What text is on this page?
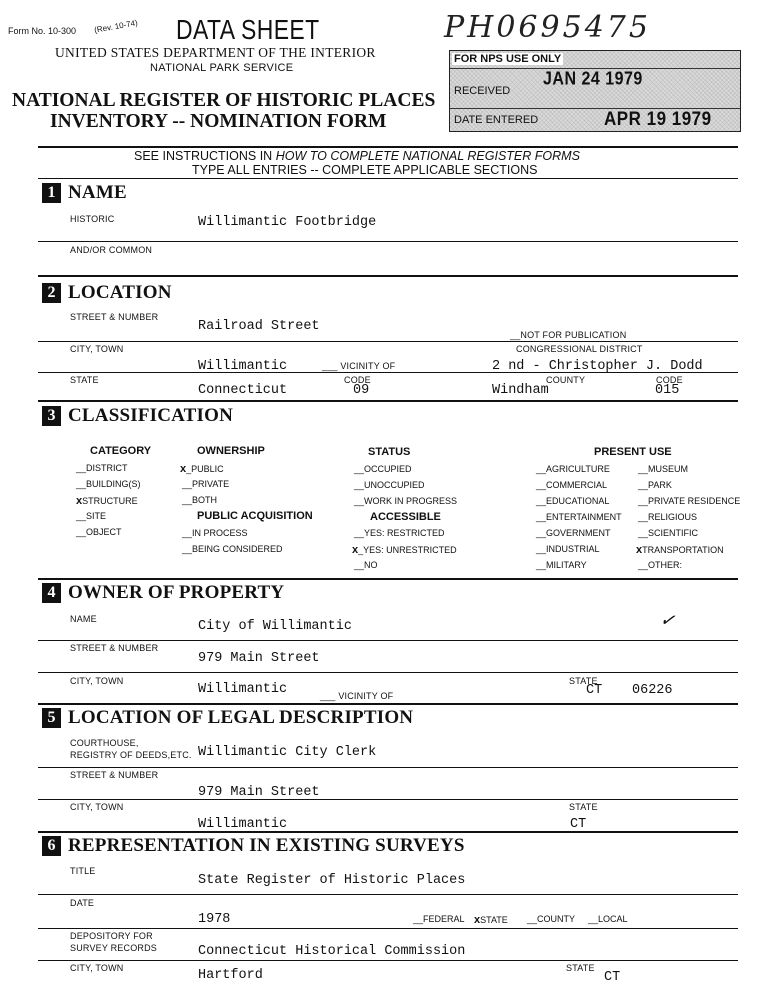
Form No. 10-300 (Rev. 10-74) DATA SHEET	PH0695475
UNITED STATES DEPARTMENT OF THE INTERIOR
NATIONAL PARK SERVICE
NATIONAL REGISTER OF HISTORIC PLACES
INVENTORY -- NOMINATION FORM
FOR NPS USE ONLY
RECEIVED
JAN 24 1979
DATE ENTERED	APR 19 1979
SEE INSTRUCTIONS IN HOW TO COMPLETE NATIONAL REGISTER FORMS
TYPE ALL ENTRIES -- COMPLETE APPLICABLE SECTIONS
1 NAME
HISTORIC	Willimantic Footbridge
AND/OR COMMON
2 LOCATION
STREET & NUMBER
Railroad Street
__NOT FOR PUBLICATION
CITY, TOWN	CONGRESSIONAL DISTRICT
Willimantic	___ VICINITY OF	2 nd - Christopher J. Dodd
STATE	CODE	COUNTY	CODE
Connecticut	09	Windham	015
3 CLASSIFICATION
CATEGORY
__DISTRICT
__BUILDING(S)
xSTRUCTURE
__SITE
__OBJECT
OWNERSHIP
x_PUBLIC
__PRIVATE
__BOTH
PUBLIC ACQUISITION
__IN PROCESS
__BEING CONSIDERED
STATUS
__OCCUPIED
__UNOCCUPIED
__WORK IN PROGRESS
ACCESSIBLE
__YES: RESTRICTED
x_YES: UNRESTRICTED
__NO
PRESENT USE
__AGRICULTURE
__COMMERCIAL
__EDUCATIONAL
__ENTERTAINMENT
__GOVERNMENT
__INDUSTRIAL
__MILITARY
__MUSEUM
__PARK
__PRIVATE RESIDENCE
__RELIGIOUS
__SCIENTIFIC
xTRANSPORTATION
__OTHER:
4 OWNER OF PROPERTY
NAME	City of Willimantic	✓
STREET & NUMBER
979 Main Street
CITY, TOWN	STATE
Willimantic	___ VICINITY OF	CT 06226
5 LOCATION OF LEGAL DESCRIPTION
COURTHOUSE,
REGISTRY OF DEEDS,ETC. Willimantic City Clerk
STREET & NUMBER
979 Main Street
CITY, TOWN	STATE
Willimantic	CT
6 REPRESENTATION IN EXISTING SURVEYS
TITLE
State Register of Historic Places
DATE
1978	__FEDERAL xSTATE __COUNTY __LOCAL
DEPOSITORY FOR
SURVEY RECORDS	Connecticut Historical Commission
CITY, TOWN	STATE
Hartford	CT
